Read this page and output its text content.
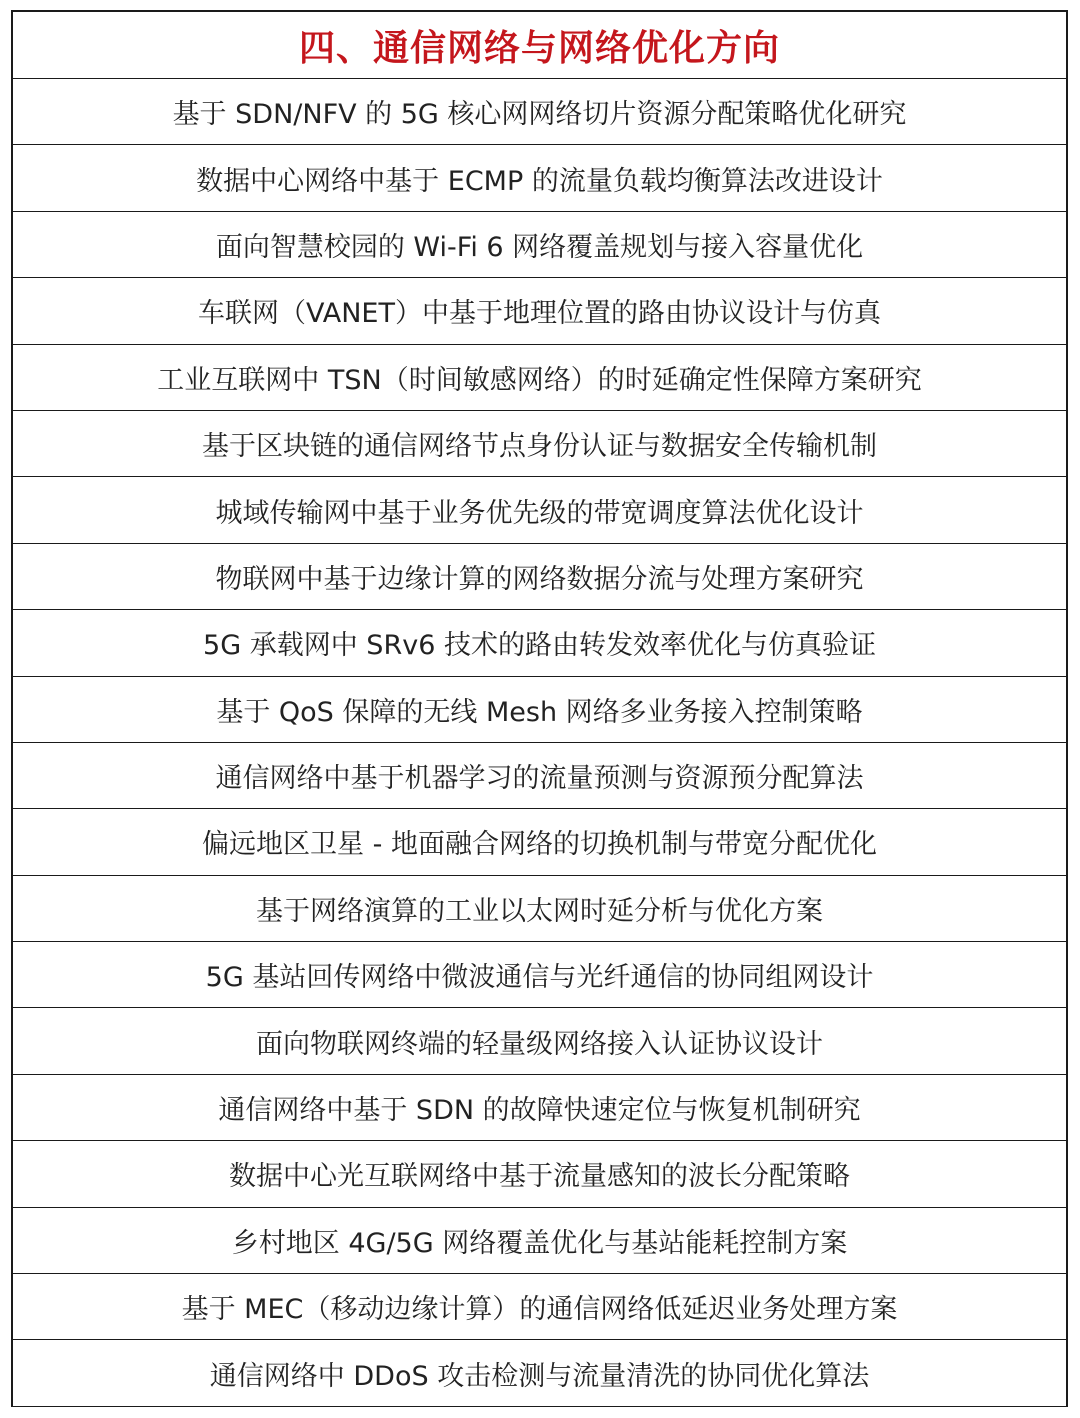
四、通信网络与网络优化方向
基于 SDN/NFV 的 5G 核心网网络切片资源分配策略优化研究
数据中心网络中基于 ECMP 的流量负载均衡算法改进设计
面向智慧校园的 Wi-Fi 6 网络覆盖规划与接入容量优化
车联网（VANET）中基于地理位置的路由协议设计与仿真
工业互联网中 TSN（时间敏感网络）的时延确定性保障方案研究
基于区块链的通信网络节点身份认证与数据安全传输机制
城域传输网中基于业务优先级的带宽调度算法优化设计
物联网中基于边缘计算的网络数据分流与处理方案研究
5G 承载网中 SRv6 技术的路由转发效率优化与仿真验证
基于 QoS 保障的无线 Mesh 网络多业务接入控制策略
通信网络中基于机器学习的流量预测与资源预分配算法
偏远地区卫星 - 地面融合网络的切换机制与带宽分配优化
基于网络演算的工业以太网时延分析与优化方案
5G 基站回传网络中微波通信与光纤通信的协同组网设计
面向物联网终端的轻量级网络接入认证协议设计
通信网络中基于 SDN 的故障快速定位与恢复机制研究
数据中心光互联网络中基于流量感知的波长分配策略
乡村地区 4G/5G 网络覆盖优化与基站能耗控制方案
基于 MEC（移动边缘计算）的通信网络低延迟业务处理方案
通信网络中 DDoS 攻击检测与流量清洗的协同优化算法
